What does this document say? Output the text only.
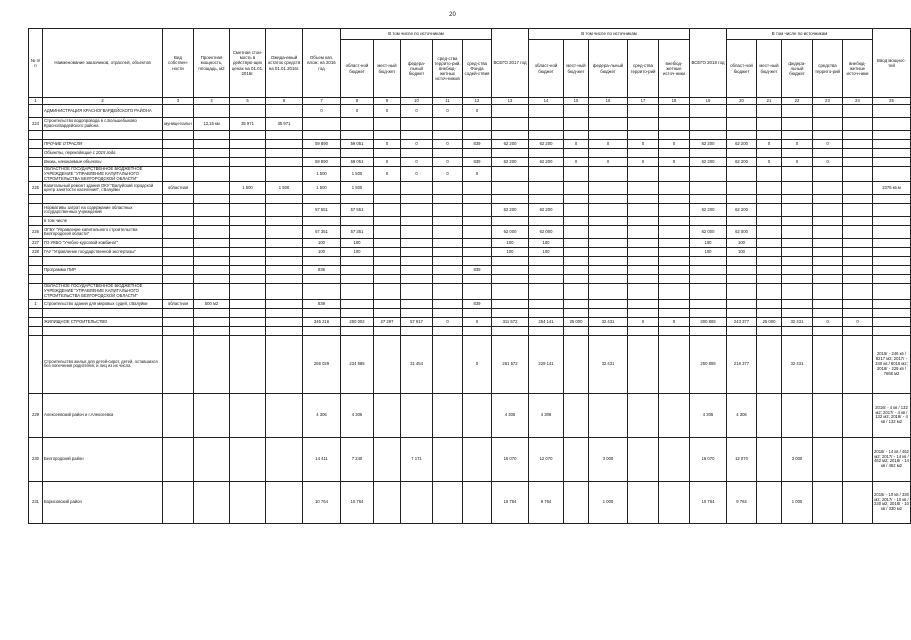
20
№ п/п	Наименование заказчиков, отраслей, объектов	Вид собствен-ности	Проектная мощность, площадь, м2	Сметная стои-мость в действую-щих ценах на 01.01. 2016г.	Ожида-емый остаток средств на 01.01.2016г.	Объем кап. влож. на 2016 год	В том числе по источникам					ВСЕГО 2017 год	В том числе по источникам					ВСЕГО 2018 год	В том числе по источникам					Ввод мощнос-тей
							област-ной бюджет	мест-ный бюд-жет	федера-льный бюджет	сред-ства террито-рий, внебюд-жетных источ-ников	сред-ства Фонда содей-ствия		област-ной бюджет	мест-ный бюд-жет	федера-льный бюджет	сред-ства террито-рий	внебюд-жетные источ-ники		област-ной бюджет	мест-ный бюд-жет	федера-льный бюджет	средства террито-рий	внебюд-жетные источ-ники	
1	2	3	4	5	6	7	8	9	10	11	12	13	14	15	16	17	18	19	20	21	22	23	24	25
	АДМИНИСТРАЦИЯ КРАСНОГВАРДЕЙСКОГО РАЙОНА					0	0	0	0	0	0													
224	Строительство водопровода в с.Большебыково Красногвардейского района	муници-пальн	13,15 км	35 971	35 971																			

	ПРОЧИЕ ОТРАСЛИ					59 890	59 051	0	0	0	839	62 200	62 200	0	0	0	0	62 200	62 200	0	0	0		
	Объекты, переходящие с 2015 года																							
	Вновь, начинаемые объекты					59 890	59 051	0	0	0	839	62 200	62 200	0	0	0	0	62 200	62 200	0	0	0		
	ОБЛАСТНОЕ ГОСУДАРСТВЕННОЕ БЮДЖЕТНОЕ УЧРЕЖДЕНИЕ "УПРАВЛЕНИЕ КАПИТАЛЬНОГО СТРОИТЕЛЬСТВА БЕЛГОРОДСКОЙ ОБЛАСТИ"					1 500	1 500	0	0	0	0													
225	Капитальный ремонт здания ОКУ "Валуйский городской центр занятости населения", г.Валуйки	областная		1 500	1 500	1 500	1 500																	2375 кв.м

	Нормативы затрат на содержание областных государственных учреждений					57 551	57 551					62 200	62 200					62 200	62 200					
	в том числе																							
226	ОГБУ "Управление капитального строительства Белгородской области"					57 351	57 351					62 000	62 000					62 000	62 000					
227	ГО УКБО "Учебно-курсовой комбинат"					100	100					100	100					100	100					
228	ГАУ "Управление государственной экспертизы"					100	100					100	100					100	100					

	Программа ПИР					839					839													

	ОБЛАСТНОЕ ГОСУДАРСТВЕННОЕ БЮДЖЕТНОЕ УЧРЕЖДЕНИЕ "УПРАВЛЕНИЕ КАПИТАЛЬНОГО СТРОИТЕЛЬСТВА БЕЛГОРОДСКОЙ ОБЛАСТИ"																							
1	Строительство здания для мировых судей, г.Валуйки	областная	500 м2			839					839													

	ЖИЛИЩНОЕ СТРОИТЕЛЬСТВО					345 216	250 002	27 297	57 917	0	0	311 572	254 141	25 000	32 431	0	0	300 808	243 377	25 000	32 431	0	0	

	Строительство жилья для детей-сирот, детей, оставшихся без попечения родителей, и лиц из их числа					266 029	234 585		31 454		0	261 572	229 141		32 431			250 808	218 377		32 431			2016г - 246 кв / 8217 м2; 2017г - 240 кв / 8016 м2; 2018г - 229 кв / 7668 м2
229	Алексеевский район и г.Алексеевка					4 306	4 306					4 306	4 306					4 306	4 306					2016г - 4 кв / 132 м2; 2017г - 4 кв / 132 м2; 2018г - 4 кв / 132 м2
230	Белгородский район					14 411	7 240		7 171			16 070	12 070		3 000			16 070	12 070		3 000			2016г - 14 кв / 462 м2; 2017г - 14 кв / 462 м2; 2018г - 14 кв / 462 м2
231	Борисовский район					10 764	10 764					10 764	9 764		1 000			10 764	9 764		1 000			2016г - 10 кв / 330 м2; 2017г - 10 кв / 330 м2; 2018г - 10 кв / 330 м2
